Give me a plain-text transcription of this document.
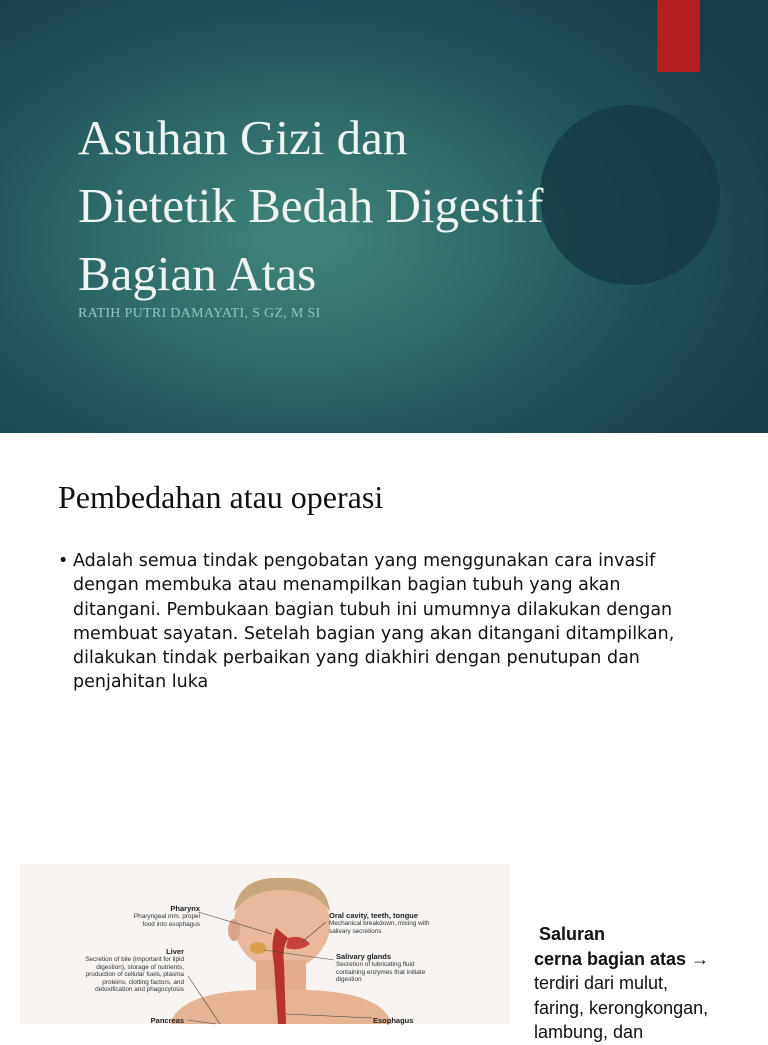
Asuhan Gizi dan
Dietetik Bedah Digestif
Bagian Atas

RATIH PUTRI DAMAYATI, S GZ, M SI

Pembedahan atau operasi
• Adalah semua tindak pengobatan yang menggunakan cara invasif
dengan membuka atau menampilkan bagian tubuh yang akan
ditangani. Pembukaan bagian tubuh ini umumnya dilakukan dengan
membuat sayatan. Setelah bagian yang akan ditangani ditampilkan,
dilakukan tindak perbaikan yang diakhiri dengan penutupan dan
penjahitan luka
Pharynx
Pharyngeal mm. propel
food into esophagus
Liver
Secretion of bile (important for lipid
digestion), storage of nutrients,
production of cellular fuels, plasma
proteins, clotting factors, and
detoxification and phagocytosis
Pancreas
Oral cavity, teeth, tongue
Mechanical breakdown, mixing with
salivary secretions
Salivary glands
Secretion of lubricating fluid
containing enzymes that initiate
digestion
Esophagus
Saluran
cerna bagian atas →
terdiri dari mulut,
faring, kerongkongan,
lambung, dan
